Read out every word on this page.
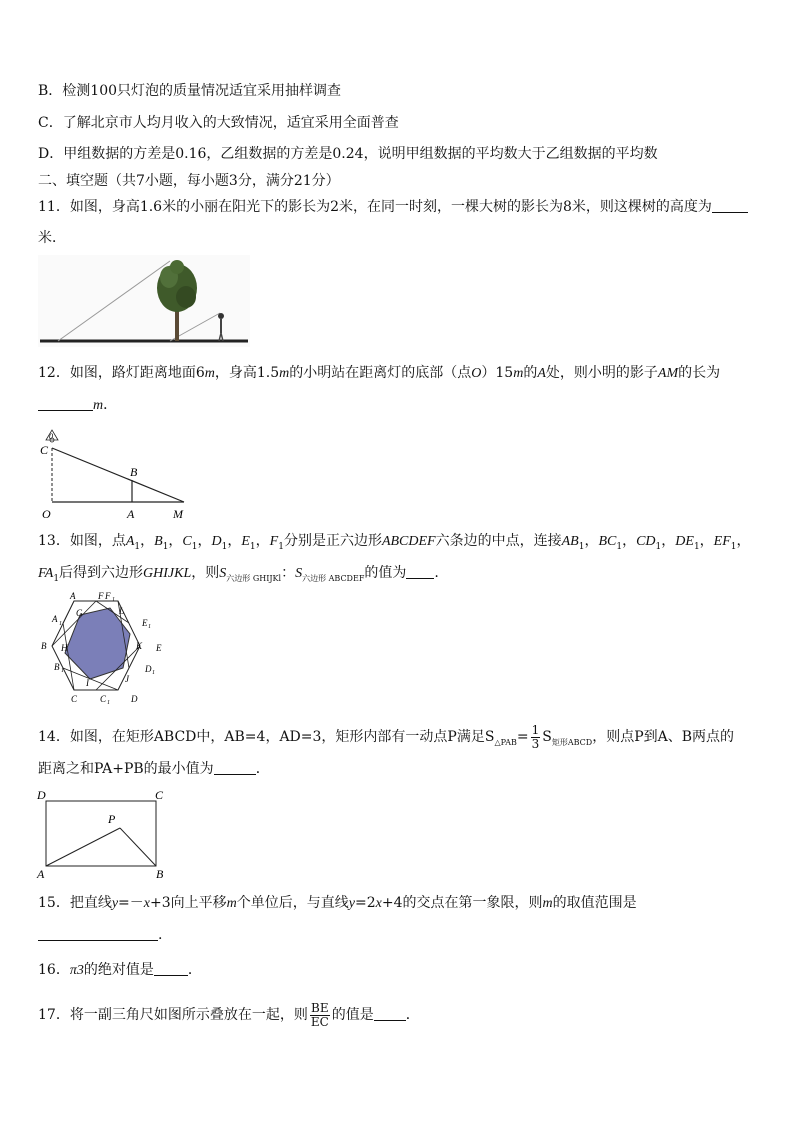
B．检测100只灯泡的质量情况适宜采用抽样调查
C．了解北京市人均月收入的大致情况，适宜采用全面普查
D．甲组数据的方差是0.16，乙组数据的方差是0.24，说明甲组数据的平均数大于乙组数据的平均数
二、填空题（共7小题，每小题3分，满分21分）
11．如图，身高1.6米的小丽在阳光下的影长为2米，在同一时刻，一棵大树的影长为8米，则这棵树的高度为
米．
12．如图，路灯距离地面6m，身高1.5m的小明站在距离灯的底部（点O）15m的A处，则小明的影子AM的长为
m．
0
C
B
O	A	M
13．如图，点$A_1$，$B_1$，$C_1$，$D_1$，$E_1$，$F_1$分别是正六边形ABCDEF六条边的中点，连接$AB_1$，$BC_1$，$CD_1$，$DE_1$，$EF_1$，
$FA_1$后得到六边形GHIJKL，则$S_{六边形 GHIJKl}$：$S_{六边形 ABCDEF}$的值为 .
A	F
A 1
G	L
E 1
B H	K E
B 1
I	J
D 1
C	C 1 D
F 1
14．如图，在矩形ABCD中，AB=4，AD=3，矩形内部有一动点P满足$S_{\triangle PAB}= \frac{1}{3} S_{矩形ABCD}$，则点P到A、B两点的
距离之和PA+PB的最小值为	．
D	C
P
A	B
15．把直线y=－x+3向上平移m个单位后，与直线y=2x+4的交点在第一象限，则m的取值范围是
.
16．π3的绝对值是 ．
17．将一副三角尺如图所示叠放在一起，则 $\frac{BE}{EC}$ 的值是 ．
